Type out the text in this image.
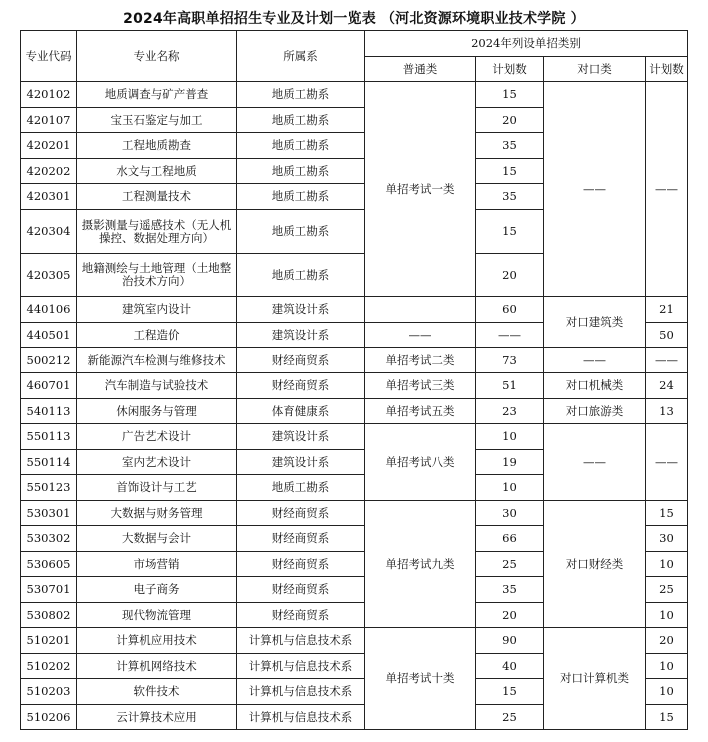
2024年高职单招招生专业及计划一览表 （河北资源环境职业技术学院 ）
专业代码	专业名称	所属系	2024年列设单招类别			
			普通类	计划数	对口类	计划数
420102	地质调查与矿产普查	地质工勘系	单招考试一类	15	——	——
420107	宝玉石鉴定与加工	地质工勘系		20		
420201	工程地质勘查	地质工勘系		35		
420202	水文与工程地质	地质工勘系		15		
420301	工程测量技术	地质工勘系		35		
420304	摄影测量与遥感技术（无人机操控、数据处理方向）	地质工勘系		15		
420305	地籍测绘与土地管理（土地整治技术方向）	地质工勘系		20		
440106	建筑室内设计	建筑设计系		60	对口建筑类	21
440501	工程造价	建筑设计系	——	——		50
500212	新能源汽车检测与维修技术	财经商贸系	单招考试二类	73	——	——
460701	汽车制造与试验技术	财经商贸系	单招考试三类	51	对口机械类	24
540113	休闲服务与管理	体育健康系	单招考试五类	23	对口旅游类	13
550113	广告艺术设计	建筑设计系	单招考试八类	10	——	——
550114	室内艺术设计	建筑设计系		19		
550123	首饰设计与工艺	地质工勘系		10		
530301	大数据与财务管理	财经商贸系	单招考试九类	30	对口财经类	15
530302	大数据与会计	财经商贸系		66		30
530605	市场营销	财经商贸系		25		10
530701	电子商务	财经商贸系		35		25
530802	现代物流管理	财经商贸系		20		10
510201	计算机应用技术	计算机与信息技术系	单招考试十类	90	对口计算机类	20
510202	计算机网络技术	计算机与信息技术系		40		10
510203	软件技术	计算机与信息技术系		15		10
510206	云计算技术应用	计算机与信息技术系		25		15
